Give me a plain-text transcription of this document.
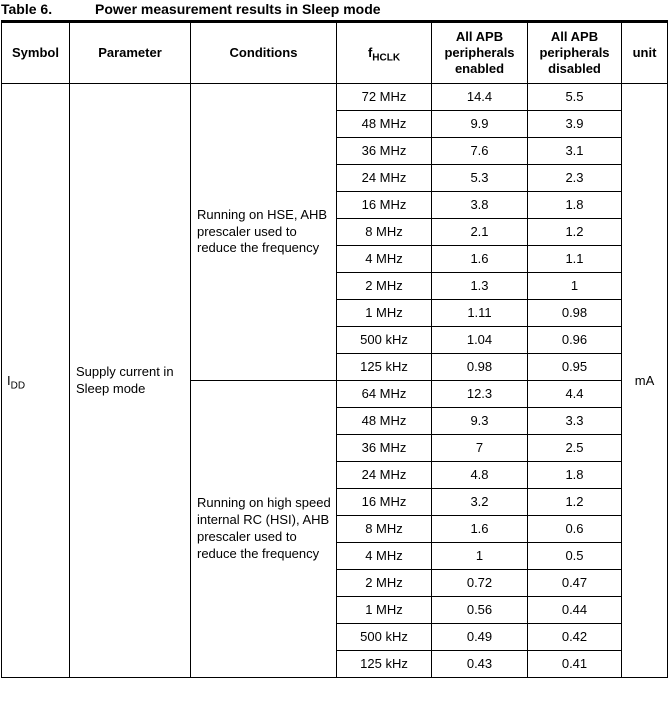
Table 6.	Power measurement results in Sleep mode
Symbol	Parameter	Conditions	$f_{HCLK}$	All APB peripherals enabled	All APB peripherals disabled	unit
$I_{DD}$	Supply current in Sleep mode	Running on HSE, AHB prescaler used to reduce the frequency	72 MHz	14.4	5.5	mA
			48 MHz	9.9	3.9	
			36 MHz	7.6	3.1	
			24 MHz	5.3	2.3	
			16 MHz	3.8	1.8	
			8 MHz	2.1	1.2	
			4 MHz	1.6	1.1	
			2 MHz	1.3	1	
			1 MHz	1.11	0.98	
			500 kHz	1.04	0.96	
			125 kHz	0.98	0.95	
		Running on high speed internal RC (HSI), AHB prescaler used to reduce the frequency	64 MHz	12.3	4.4	
			48 MHz	9.3	3.3	
			36 MHz	7	2.5	
			24 MHz	4.8	1.8	
			16 MHz	3.2	1.2	
			8 MHz	1.6	0.6	
			4 MHz	1	0.5	
			2 MHz	0.72	0.47	
			1 MHz	0.56	0.44	
			500 kHz	0.49	0.42	
			125 kHz	0.43	0.41	
